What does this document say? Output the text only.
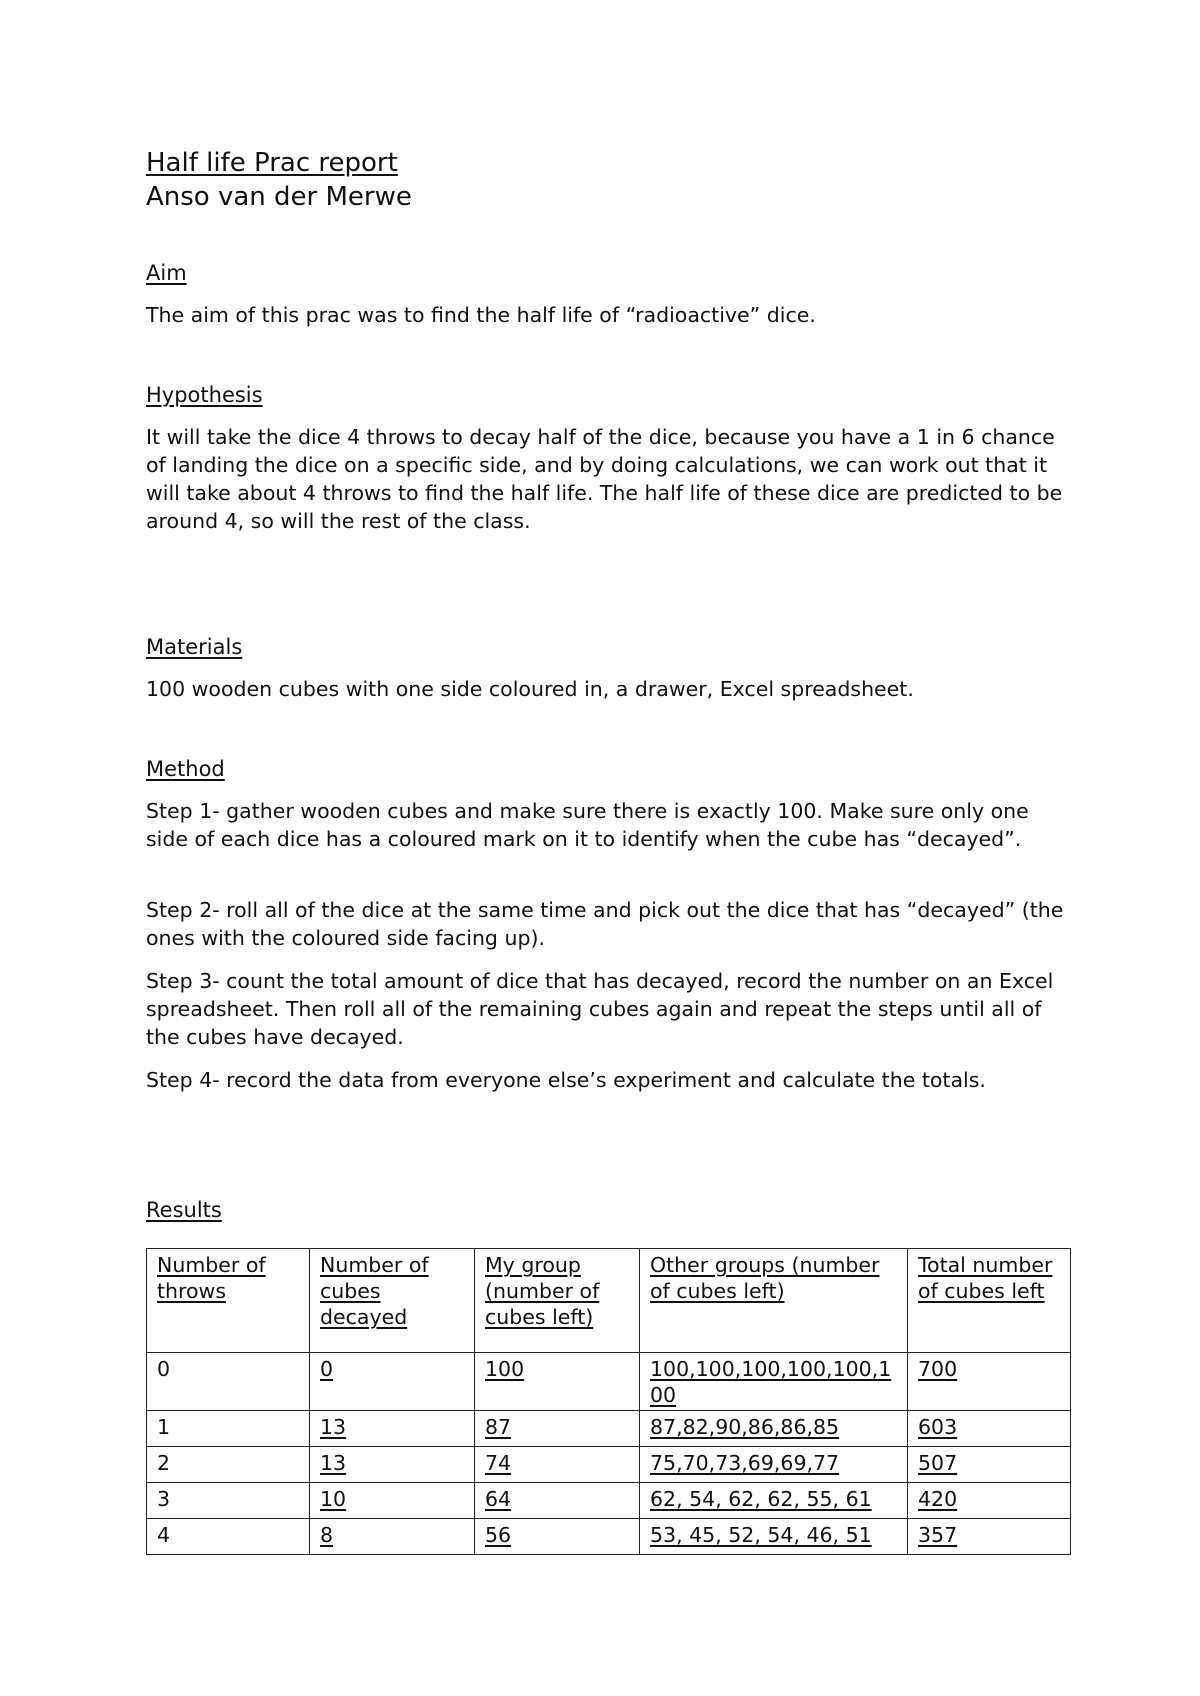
Half life Prac report
Anso van der Merwe
Aim

The aim of this prac was to find the half life of “radioactive” dice.

Hypothesis

It will take the dice 4 throws to decay half of the dice, because you have a 1 in 6 chance of landing the dice on a specific side, and by doing calculations, we can work out that it will take about 4 throws to find the half life. The half life of these dice are predicted to be around 4, so will the rest of the class.

Materials

100 wooden cubes with one side coloured in, a drawer, Excel spreadsheet.

Method

Step 1- gather wooden cubes and make sure there is exactly 100. Make sure only one side of each dice has a coloured mark on it to identify when the cube has “decayed”.

Step 2- roll all of the dice at the same time and pick out the dice that has “decayed” (the ones with the coloured side facing up).

Step 3- count the total amount of dice that has decayed, record the number on an Excel spreadsheet. Then roll all of the remaining cubes again and repeat the steps until all of the cubes have decayed.

Step 4- record the data from everyone else’s experiment and calculate the totals.

Results
Number of throws	Number of cubes decayed	My group (number of cubes left)	Other groups (number of cubes left)	Total number of cubes left
0	0	100	100,100,100,100,100,100	700
1	13	87	87,82,90,86,86,85	603
2	13	74	75,70,73,69,69,77	507
3	10	64	62, 54, 62, 62, 55, 61	420
4	8	56	53, 45, 52, 54, 46, 51	357
